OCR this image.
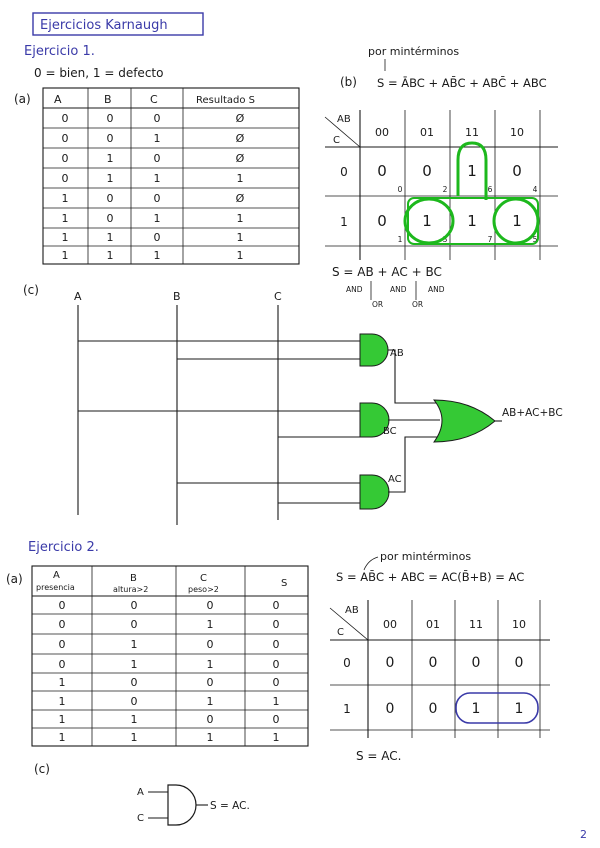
Ejercicios Karnaugh
Ejercicio 1.
0 = bien, 1 = defecto
(a) A	B	C	Resultado S
0	0	0	Ø
0	0	1	Ø
0	1	0	Ø
0	1	1	1
1	0	0	Ø
1	0	1	1
1	1	0	1
1	1	1	1
por mintérminos
(b) S = ĀBC + AB̄C + ABC̄ + ABC
AB
C
00	01	11	10
0
1
0 0 1 0
0 1 1 1
0	2	6	4
1	3	7	5
S = AB + AC + BC
AND	AND	AND
OR	OR
(c)	A	B	C
AB
BC
AC
AB+AC+BC
Ejercicio 2.
(a)	A
presencia
B
altura>2
C
peso>2
S
0	0	0	0
0	0	1	0
0	1	0	0
0	1	1	0
1	0	0	0
1	0	1	1
1	1	0	0
1	1	1	1
por mintérminos
S = AB̄C + ABC = AC(B̄+B) = AC
AB
C
00	01	11	10
0
1
0 0 0 0
0 0 1 1
S = AC.
(c)
A
C
S = AC.
2
